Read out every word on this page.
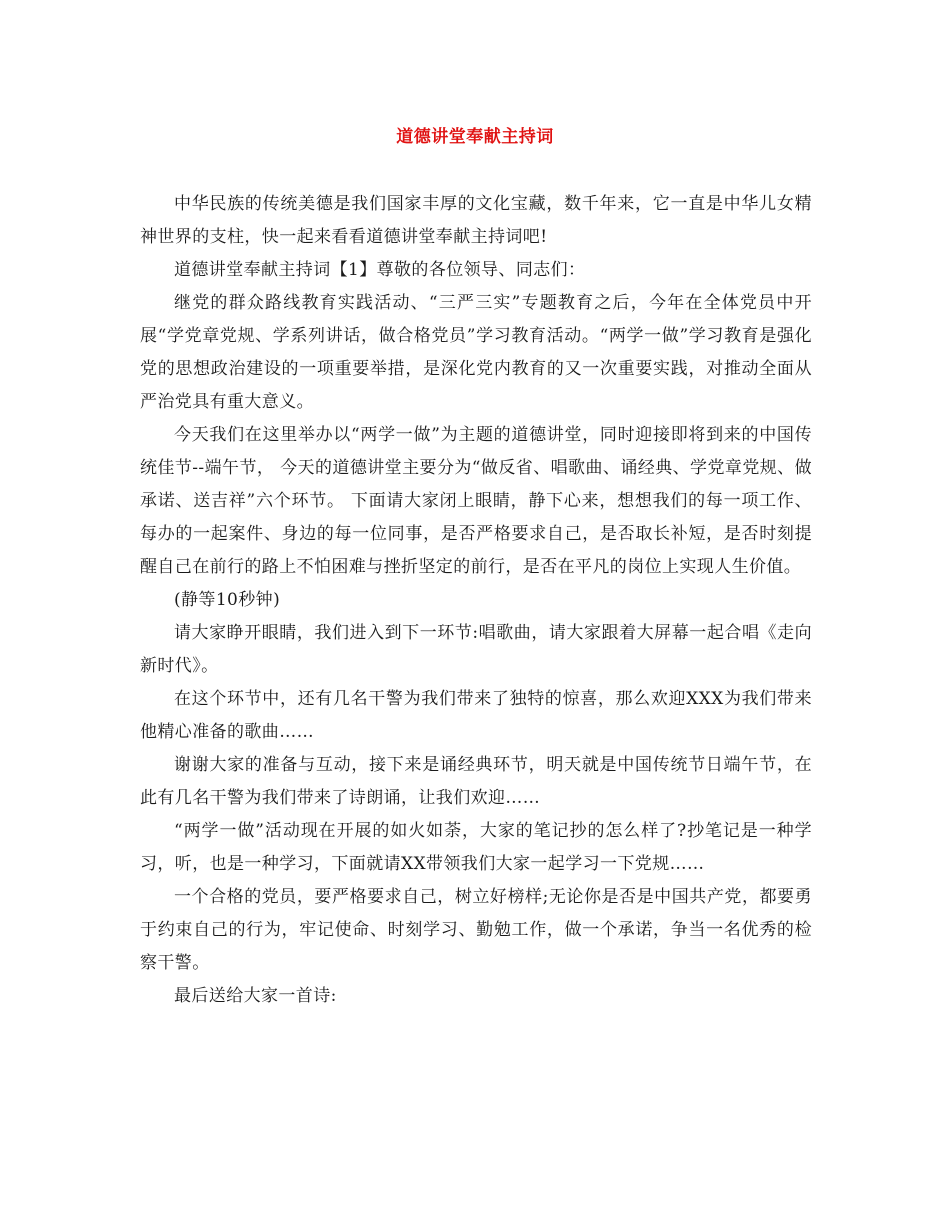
道德讲堂奉献主持词

中华民族的传统美德是我们国家丰厚的文化宝藏，数千年来，它一直是中华儿女精神世界的支柱，快一起来看看道德讲堂奉献主持词吧!

道德讲堂奉献主持词【1】尊敬的各位领导、同志们：

继党的群众路线教育实践活动、“三严三实”专题教育之后，今年在全体党员中开展“学党章党规、学系列讲话，做合格党员”学习教育活动。“两学一做”学习教育是强化党的思想政治建设的一项重要举措，是深化党内教育的又一次重要实践，对推动全面从严治党具有重大意义。

今天我们在这里举办以“两学一做”为主题的道德讲堂，同时迎接即将到来的中国传统佳节--端午节， 今天的道德讲堂主要分为“做反省、唱歌曲、诵经典、学党章党规、做承诺、送吉祥”六个环节。 下面请大家闭上眼睛，静下心来，想想我们的每一项工作、每办的一起案件、身边的每一位同事，是否严格要求自己，是否取长补短，是否时刻提醒自己在前行的路上不怕困难与挫折坚定的前行，是否在平凡的岗位上实现人生价值。

(静等10秒钟)

请大家睁开眼睛，我们进入到下一环节:唱歌曲，请大家跟着大屏幕一起合唱《走向新时代》。

在这个环节中，还有几名干警为我们带来了独特的惊喜，那么欢迎XXX为我们带来他精心准备的歌曲……

谢谢大家的准备与互动，接下来是诵经典环节，明天就是中国传统节日端午节，在此有几名干警为我们带来了诗朗诵，让我们欢迎……

“两学一做”活动现在开展的如火如荼，大家的笔记抄的怎么样了?抄笔记是一种学习，听，也是一种学习，下面就请XX带领我们大家一起学习一下党规……

一个合格的党员，要严格要求自己，树立好榜样;无论你是否是中国共产党，都要勇于约束自己的行为，牢记使命、时刻学习、勤勉工作，做一个承诺，争当一名优秀的检察干警。

最后送给大家一首诗:
